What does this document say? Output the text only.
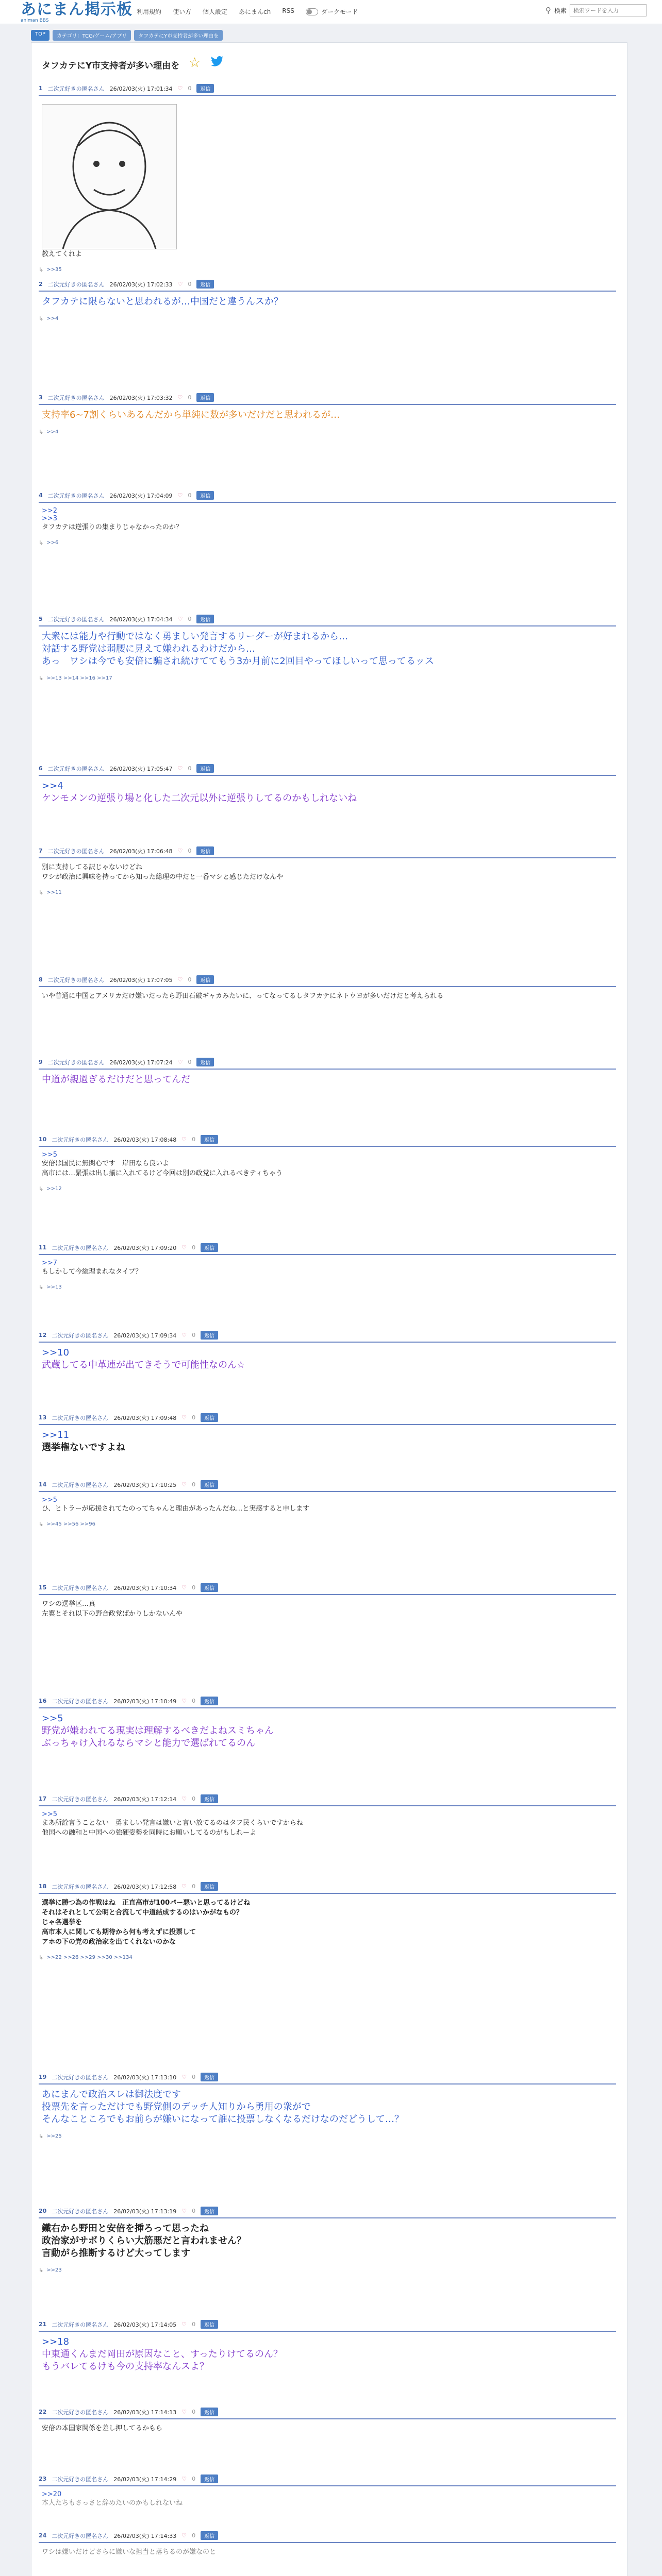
あにまん掲示板
animan BBS
利用規約 使い方 個人設定 あにまんch RSS	ダークモード	⚲ 検索
検索ワードを入力
TOP	カテゴリ：TCG/ゲーム/アプリ	タフカテにY市支持者が多い理由を
タフカテにY市支持者が多い理由を ☆
1 二次元好きの匿名さん 26/02/03(火) 17:01:34 ♡ 0	返信
教えてくれよ
↳ >>35
2 二次元好きの匿名さん 26/02/03(火) 17:02:33 ♡ 0	返信
タフカテに限らないと思われるが…中国だと違うんスか？
↳ >>4
3 二次元好きの匿名さん 26/02/03(火) 17:03:32 ♡ 0	返信
支持率6~7割くらいあるんだから単純に数が多いだけだと思われるが…
↳ >>4
4 二次元好きの匿名さん 26/02/03(火) 17:04:09 ♡ 0	返信
>>2
>>3
タフカテは逆張りの集まりじゃなかったのか？
↳ >>6
5 二次元好きの匿名さん 26/02/03(火) 17:04:34 ♡ 0	返信
大衆には能力や行動ではなく勇ましい発言するリーダーが好まれるから…
対話する野党は弱腰に見えて嫌われるわけだから…
あっ　ワシは今でも安倍に騙され続けててもう3か月前に2回目やってほしいって思ってるッス
↳ >>13 >>14 >>16 >>17
6 二次元好きの匿名さん 26/02/03(火) 17:05:47 ♡ 0	返信
>>4
ケンモメンの逆張り場と化した二次元以外に逆張りしてるのかもしれないね
7 二次元好きの匿名さん 26/02/03(火) 17:06:48 ♡ 0	返信
別に支持してる訳じゃないけどね
ワシが政治に興味を持ってから知った総理の中だと一番マシと感じただけなんや
↳ >>11
8 二次元好きの匿名さん 26/02/03(火) 17:07:05 ♡ 0	返信
いや普通に中国とアメリカだけ嫌いだったら野田石破ギャカみたいに、ってなってるしタフカテにネトウヨが多いだけだと考えられる
9 二次元好きの匿名さん 26/02/03(火) 17:07:24 ♡ 0	返信
中道が親過ぎるだけだと思ってんだ
10 二次元好きの匿名さん 26/02/03(火) 17:08:48 ♡ 0	返信
>>5
安倍は国民に無関心です　岸田なら良いよ
高市には…緊張は出し揃に入れてるけど今回は別の政党に入れるべきティちゃう
↳ >>12
11 二次元好きの匿名さん 26/02/03(火) 17:09:20 ♡ 0	返信
>>7
もしかして今総理まれなタイプ？
↳ >>13
12 二次元好きの匿名さん 26/02/03(火) 17:09:34 ♡ 0	返信
>>10
武蔵してる中革連が出てきそうで可能性なのん☆
13 二次元好きの匿名さん 26/02/03(火) 17:09:48 ♡ 0	返信
>>11
選挙権ないですよね
14 二次元好きの匿名さん 26/02/03(火) 17:10:25 ♡ 0	返信
>>5
ひ、ヒトラーが応援されてたのってちゃんと理由があったんだね…と実感すると申します
↳ >>45 >>56 >>96
15 二次元好きの匿名さん 26/02/03(火) 17:10:34 ♡ 0	返信
ワシの選挙区…真
左翼とそれ以下の野合政党ばかりしかないんや
16 二次元好きの匿名さん 26/02/03(火) 17:10:49 ♡ 0	返信
>>5
野党が嫌われてる現実は理解するべきだよねスミちゃん
ぶっちゃけ入れるならマシと能力で選ばれてるのん
17 二次元好きの匿名さん 26/02/03(火) 17:12:14 ♡ 0	返信
>>5
まあ所詮言うことない　勇ましい発言は嫌いと言い放てるのはタフ民くらいですからね
他国への融和と中国への強硬姿勢を同時にお願いしてるのがもしれーよ
18 二次元好きの匿名さん 26/02/03(火) 17:12:58 ♡ 0	返信
選挙に勝つ為の作戦はね　正直高市が100パー悪いと思ってるけどね
それはそれとして公明と合流して中道結成するのはいかがなもの？
じゃ各選挙を
高市本人に関しても期待から何も考えずに投票して
アホの下の党の政治家を出てくれないのかな
↳ >>22 >>26 >>29 >>30 >>134
19 二次元好きの匿名さん 26/02/03(火) 17:13:10 ♡ 0	返信
あにまんで政治スレは御法度です
投票先を言っただけでも野党側のデッチ人知りから勇用の衆がで
そんなこところでもお前らが嫌いになって誰に投票しなくなるだけなのだどうして…？
↳ >>25
20 二次元好きの匿名さん 26/02/03(火) 17:13:19 ♡ 0	返信
鐵右から野田と安倍を挿ろって思ったね
政治家がサボりくらい大筋悪だと言われません？
言動がら推断するけど大ってします
↳ >>23
21 二次元好きの匿名さん 26/02/03(火) 17:14:05 ♡ 0	返信
>>18
中東通くんまだ岡田が原因なこと、すったりけてるのん？
もうバレてるけも今の支持率なんスよ？
22 二次元好きの匿名さん 26/02/03(火) 17:14:13 ♡ 0	返信
安倍の本国家関係を差し押してるかもら
23 二次元好きの匿名さん 26/02/03(火) 17:14:29 ♡ 0	返信
>>20
本人たちもさっさと辞めたいのかもしれないね
24 二次元好きの匿名さん 26/02/03(火) 17:14:33 ♡ 0	返信
ワシは嫌いだけどさらに嫌いな担当と落ちるのが嫌なのと
